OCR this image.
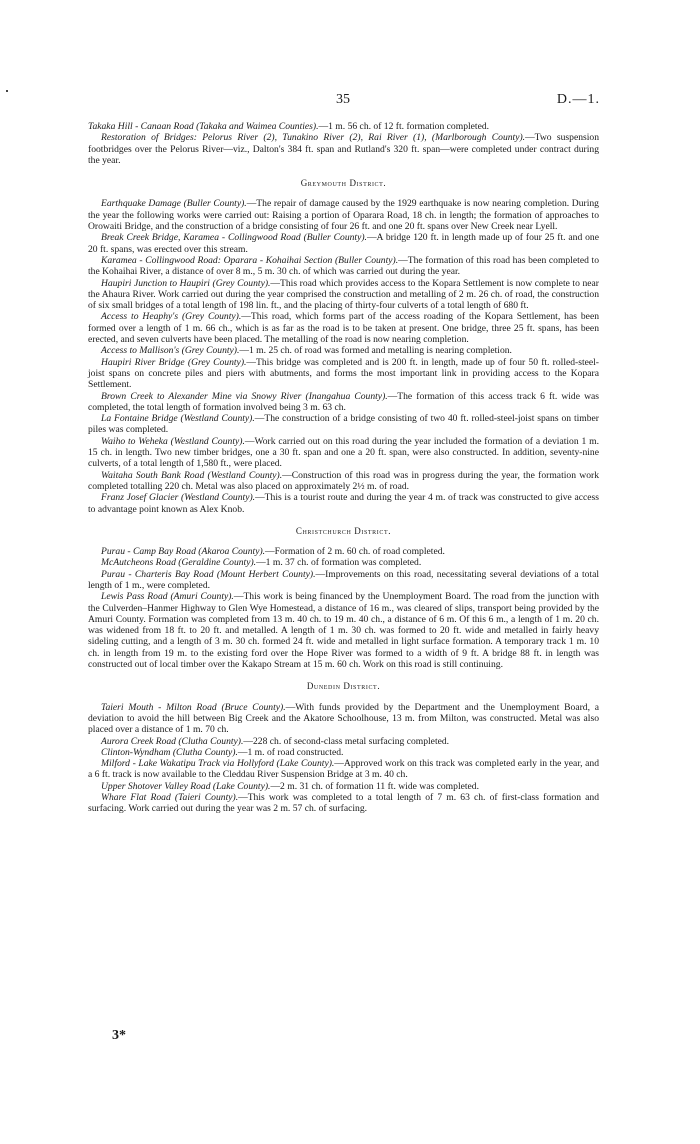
35	D.—1.

Takaka Hill - Canaan Road (Takaka and Waimea Counties).—1 m. 56 ch. of 12 ft. formation completed.

Restoration of Bridges: Pelorus River (2), Tunakino River (2), Rai River (1), (Marlborough County).—Two suspension footbridges over the Pelorus River—viz., Dalton's 384 ft. span and Rutland's 320 ft. span—were completed under contract during the year.

Greymouth District.

Earthquake Damage (Buller County).—The repair of damage caused by the 1929 earthquake is now nearing completion. During the year the following works were carried out: Raising a portion of Oparara Road, 18 ch. in length; the formation of approaches to Orowaiti Bridge, and the construction of a bridge consisting of four 26 ft. and one 20 ft. spans over New Creek near Lyell.

Break Creek Bridge, Karamea - Collingwood Road (Buller County).—A bridge 120 ft. in length made up of four 25 ft. and one 20 ft. spans, was erected over this stream.

Karamea - Collingwood Road: Oparara - Kohaihai Section (Buller County).—The formation of this road has been completed to the Kohaihai River, a distance of over 8 m., 5 m. 30 ch. of which was carried out during the year.

Haupiri Junction to Haupiri (Grey County).—This road which provides access to the Kopara Settlement is now complete to near the Ahaura River. Work carried out during the year comprised the construction and metalling of 2 m. 26 ch. of road, the construction of six small bridges of a total length of 198 lin. ft., and the placing of thirty-four culverts of a total length of 680 ft.

Access to Heaphy's (Grey County).—This road, which forms part of the access roading of the Kopara Settlement, has been formed over a length of 1 m. 66 ch., which is as far as the road is to be taken at present. One bridge, three 25 ft. spans, has been erected, and seven culverts have been placed. The metalling of the road is now nearing completion.

Access to Mallison's (Grey County).—1 m. 25 ch. of road was formed and metalling is nearing completion.

Haupiri River Bridge (Grey County).—This bridge was completed and is 200 ft. in length, made up of four 50 ft. rolled-steel-joist spans on concrete piles and piers with abutments, and forms the most important link in providing access to the Kopara Settlement.

Brown Creek to Alexander Mine via Snowy River (Inangahua County).—The formation of this access track 6 ft. wide was completed, the total length of formation involved being 3 m. 63 ch.

La Fontaine Bridge (Westland County).—The construction of a bridge consisting of two 40 ft. rolled-steel-joist spans on timber piles was completed.

Waiho to Weheka (Westland County).—Work carried out on this road during the year included the formation of a deviation 1 m. 15 ch. in length. Two new timber bridges, one a 30 ft. span and one a 20 ft. span, were also constructed. In addition, seventy-nine culverts, of a total length of 1,580 ft., were placed.

Waitaha South Bank Road (Westland County).—Construction of this road was in progress during the year, the formation work completed totalling 220 ch. Metal was also placed on approximately 2½ m. of road.

Franz Josef Glacier (Westland County).—This is a tourist route and during the year 4 m. of track was constructed to give access to advantage point known as Alex Knob.

Christchurch District.

Purau - Camp Bay Road (Akaroa County).—Formation of 2 m. 60 ch. of road completed.

McAutcheons Road (Geraldine County).—1 m. 37 ch. of formation was completed.

Purau - Charteris Bay Road (Mount Herbert County).—Improvements on this road, necessitating several deviations of a total length of 1 m., were completed.

Lewis Pass Road (Amuri County).—This work is being financed by the Unemployment Board. The road from the junction with the Culverden–Hanmer Highway to Glen Wye Homestead, a distance of 16 m., was cleared of slips, transport being provided by the Amuri County. Formation was completed from 13 m. 40 ch. to 19 m. 40 ch., a distance of 6 m. Of this 6 m., a length of 1 m. 20 ch. was widened from 18 ft. to 20 ft. and metalled. A length of 1 m. 30 ch. was formed to 20 ft. wide and metalled in fairly heavy sideling cutting, and a length of 3 m. 30 ch. formed 24 ft. wide and metalled in light surface formation. A temporary track 1 m. 10 ch. in length from 19 m. to the existing ford over the Hope River was formed to a width of 9 ft. A bridge 88 ft. in length was constructed out of local timber over the Kakapo Stream at 15 m. 60 ch. Work on this road is still continuing.

Dunedin District.

Taieri Mouth - Milton Road (Bruce County).—With funds provided by the Department and the Unemployment Board, a deviation to avoid the hill between Big Creek and the Akatore Schoolhouse, 13 m. from Milton, was constructed. Metal was also placed over a distance of 1 m. 70 ch.

Aurora Creek Road (Clutha County).—228 ch. of second-class metal surfacing completed.

Clinton-Wyndham (Clutha County).—1 m. of road constructed.

Milford - Lake Wakatipu Track via Hollyford (Lake County).—Approved work on this track was completed early in the year, and a 6 ft. track is now available to the Cleddau River Suspension Bridge at 3 m. 40 ch.

Upper Shotover Valley Road (Lake County).—2 m. 31 ch. of formation 11 ft. wide was completed.

Whare Flat Road (Taieri County).—This work was completed to a total length of 7 m. 63 ch. of first-class formation and surfacing. Work carried out during the year was 2 m. 57 ch. of surfacing.

3*
